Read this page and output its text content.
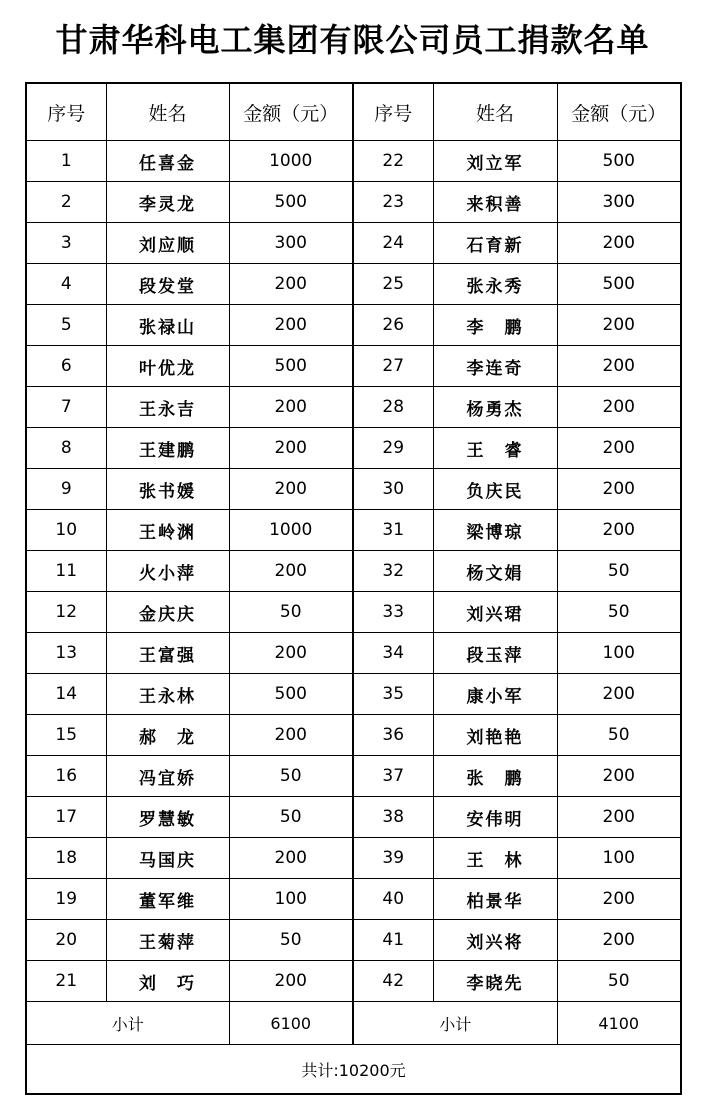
甘肃华科电工集团有限公司员工捐款名单
序号	姓名	金额（元）	序号	姓名	金额（元）
1	任喜金	1000	22	刘立军	500
2	李灵龙	500	23	来积善	300
3	刘应顺	300	24	石育新	200
4	段发堂	200	25	张永秀	500
5	张禄山	200	26	李　鹏	200
6	叶优龙	500	27	李连奇	200
7	王永吉	200	28	杨勇杰	200
8	王建鹏	200	29	王　睿	200
9	张书媛	200	30	负庆民	200
10	王岭渊	1000	31	梁博琼	200
11	火小萍	200	32	杨文娟	50
12	金庆庆	50	33	刘兴珺	50
13	王富强	200	34	段玉萍	100
14	王永林	500	35	康小军	200
15	郝　龙	200	36	刘艳艳	50
16	冯宜娇	50	37	张　鹏	200
17	罗慧敏	50	38	安伟明	200
18	马国庆	200	39	王　林	100
19	董军维	100	40	柏景华	200
20	王菊萍	50	41	刘兴将	200
21	刘　巧	200	42	李晓先	50
小计		6100	小计		4100
共计:10200元					
